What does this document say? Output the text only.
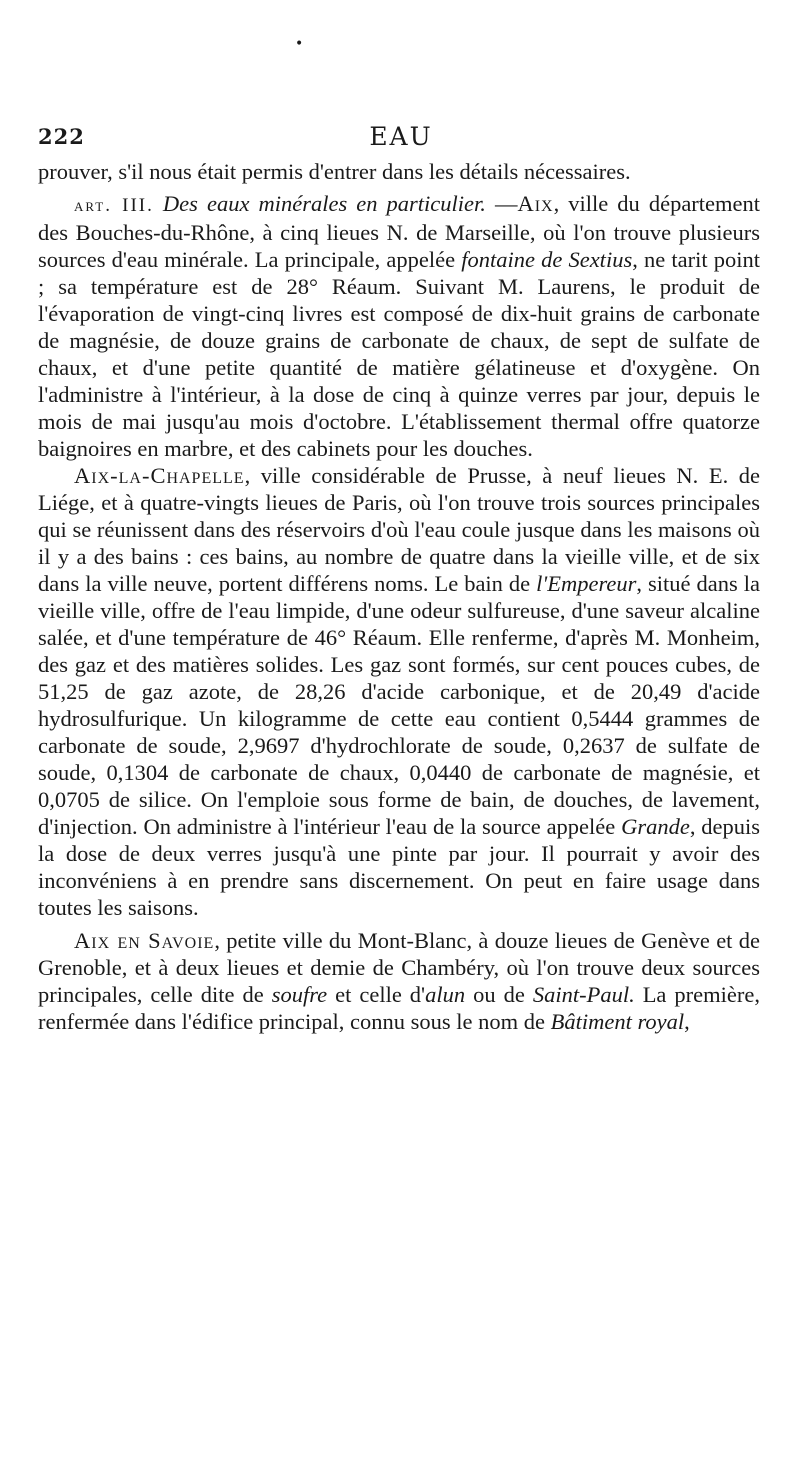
•
222	EAU

prouver, s'il nous était permis d'entrer dans les détails nécessaires.

art. III. Des eaux minérales en particulier. —Aix, ville du département des Bouches-du-Rhône, à cinq lieues N. de Marseille, où l'on trouve plusieurs sources d'eau minérale. La principale, appelée fontaine de Sextius, ne tarit point ; sa température est de 28° Réaum. Suivant M. Laurens, le produit de l'évaporation de vingt-cinq livres est composé de dix-huit grains de carbonate de magnésie, de douze grains de carbonate de chaux, de sept de sulfate de chaux, et d'une petite quantité de matière gélatineuse et d'oxygène. On l'administre à l'intérieur, à la dose de cinq à quinze verres par jour, depuis le mois de mai jusqu'au mois d'octobre. L'établissement thermal offre quatorze baignoires en marbre, et des cabinets pour les douches.

Aix-la-Chapelle, ville considérable de Prusse, à neuf lieues N. E. de Liége, et à quatre-vingts lieues de Paris, où l'on trouve trois sources principales qui se réunissent dans des réservoirs d'où l'eau coule jusque dans les maisons où il y a des bains : ces bains, au nombre de quatre dans la vieille ville, et de six dans la ville neuve, portent différens noms. Le bain de l'Empereur, situé dans la vieille ville, offre de l'eau limpide, d'une odeur sulfureuse, d'une saveur alcaline salée, et d'une température de 46° Réaum. Elle renferme, d'après M. Monheim, des gaz et des matières solides. Les gaz sont formés, sur cent pouces cubes, de 51,25 de gaz azote, de 28,26 d'acide carbonique, et de 20,49 d'acide hydrosulfurique. Un kilogramme de cette eau contient 0,5444 grammes de carbonate de soude, 2,9697 d'hydrochlorate de soude, 0,2637 de sulfate de soude, 0,1304 de carbonate de chaux, 0,0440 de carbonate de magnésie, et 0,0705 de silice. On l'emploie sous forme de bain, de douches, de lavement, d'injection. On administre à l'intérieur l'eau de la source appelée Grande, depuis la dose de deux verres jusqu'à une pinte par jour. Il pourrait y avoir des inconvéniens à en prendre sans discernement. On peut en faire usage dans toutes les saisons.

Aix en Savoie, petite ville du Mont-Blanc, à douze lieues de Genève et de Grenoble, et à deux lieues et demie de Chambéry, où l'on trouve deux sources principales, celle dite de soufre et celle d'alun ou de Saint-Paul. La première, renfermée dans l'édifice principal, connu sous le nom de Bâtiment royal,
